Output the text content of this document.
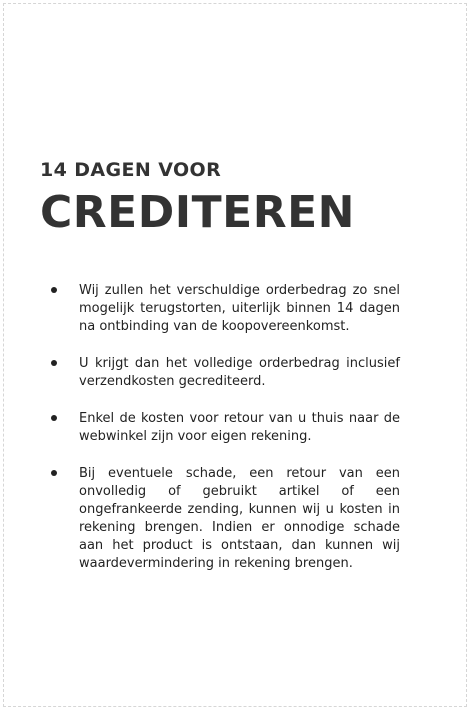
14 DAGEN VOOR
CREDITEREN
Wij zullen het verschuldige orderbedrag zo snel mogelijk terugstorten, uiterlijk binnen 14 dagen na ontbinding van de koopovereenkomst.
U krijgt dan het volledige orderbedrag inclusief verzendkosten gecrediteerd.
Enkel de kosten voor retour van u thuis naar de webwinkel zijn voor eigen rekening.
Bij eventuele schade, een retour van een onvolledig of gebruikt artikel of een ongefrankeerde zending, kunnen wij u kosten in rekening brengen. Indien er onnodige schade aan het product is ontstaan, dan kunnen wij waardevermindering in rekening brengen.
